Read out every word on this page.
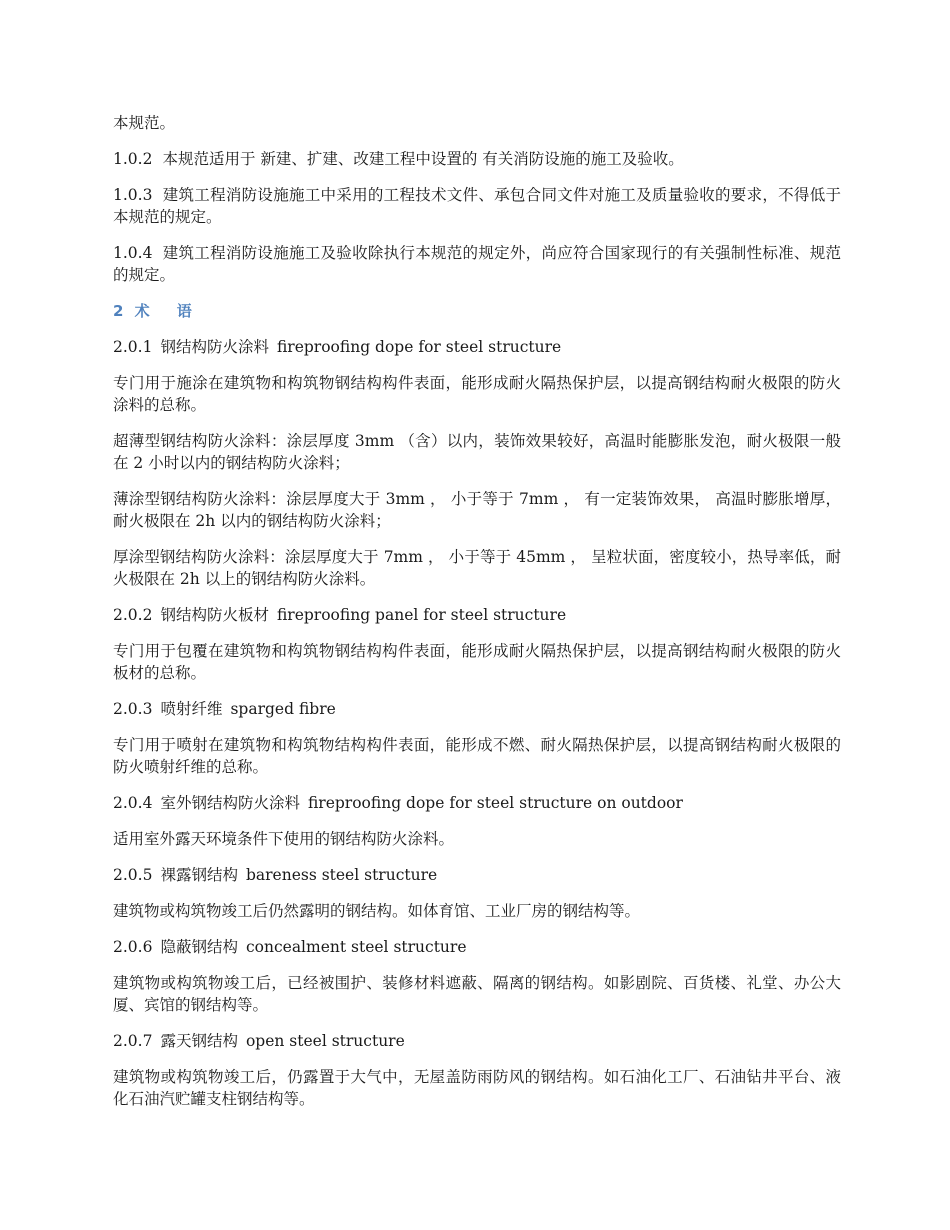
本规范。

1.0.2 本规范适用于 新建、扩建、改建工程中设置的 有关消防设施的施工及验收。

1.0.3 建筑工程消防设施施工中采用的工程技术文件、承包合同文件对施工及质量验收的要求，不得低于本规范的规定。

1.0.4 建筑工程消防设施施工及验收除执行本规范的规定外，尚应符合国家现行的有关强制性标准、规范的规定。

2 术 语

2.0.1 钢结构防火涂料 fireproofing dope for steel structure

专门用于施涂在建筑物和构筑物钢结构构件表面，能形成耐火隔热保护层，以提高钢结构耐火极限的防火涂料的总称。

超薄型钢结构防火涂料：涂层厚度 3mm （含）以内，装饰效果较好，高温时能膨胀发泡，耐火极限一般在 2 小时以内的钢结构防火涂料；

薄涂型钢结构防火涂料：涂层厚度大于 3mm ， 小于等于 7mm ， 有一定装饰效果， 高温时膨胀增厚，耐火极限在 2h 以内的钢结构防火涂料；

厚涂型钢结构防火涂料：涂层厚度大于 7mm ， 小于等于 45mm ， 呈粒状面，密度较小，热导率低，耐火极限在 2h 以上的钢结构防火涂料。

2.0.2 钢结构防火板材 fireproofing panel for steel structure

专门用于包覆在建筑物和构筑物钢结构构件表面，能形成耐火隔热保护层，以提高钢结构耐火极限的防火板材的总称。

2.0.3 喷射纤维 sparged fibre

专门用于喷射在建筑物和构筑物结构构件表面，能形成不燃、耐火隔热保护层，以提高钢结构耐火极限的防火喷射纤维的总称。

2.0.4 室外钢结构防火涂料 fireproofing dope for steel structure on outdoor

适用室外露天环境条件下使用的钢结构防火涂料。

2.0.5 裸露钢结构 bareness steel structure

建筑物或构筑物竣工后仍然露明的钢结构。如体育馆、工业厂房的钢结构等。

2.0.6 隐蔽钢结构 concealment steel structure

建筑物或构筑物竣工后，已经被围护、装修材料遮蔽、隔离的钢结构。如影剧院、百货楼、礼堂、办公大厦、宾馆的钢结构等。

2.0.7 露天钢结构 open steel structure

建筑物或构筑物竣工后，仍露置于大气中，无屋盖防雨防风的钢结构。如石油化工厂、石油钻井平台、液化石油汽贮罐支柱钢结构等。
